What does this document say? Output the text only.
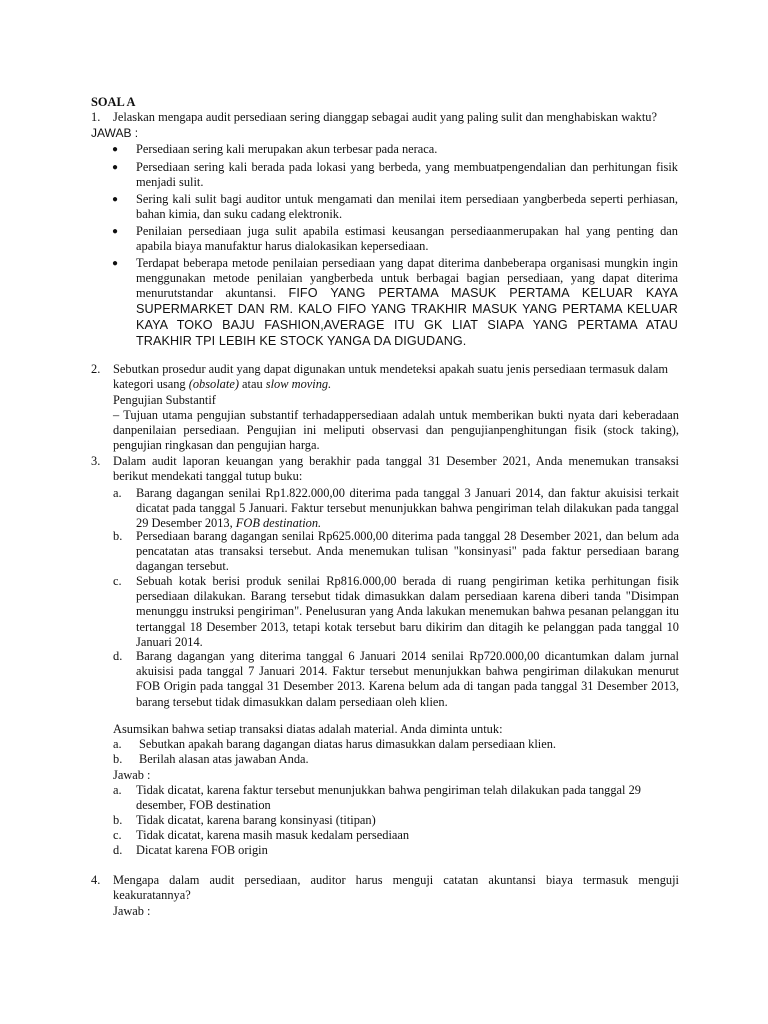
SOAL A
1. Jelaskan mengapa audit persediaan sering dianggap sebagai audit yang paling sulit dan menghabiskan waktu?
JAWAB :
●	Persediaan sering kali merupakan akun terbesar pada neraca.
●	Persediaan sering kali berada pada lokasi yang berbeda, yang membuatpengendalian dan perhitungan fisik menjadi sulit.
●	Sering kali sulit bagi auditor untuk mengamati dan menilai item persediaan yangberbeda seperti perhiasan, bahan kimia, dan suku cadang elektronik.
●	Penilaian persediaan juga sulit apabila estimasi keusangan persediaanmerupakan hal yang penting dan apabila biaya manufaktur harus dialokasikan kepersediaan.
●	Terdapat beberapa metode penilaian persediaan yang dapat diterima danbeberapa organisasi mungkin ingin menggunakan metode penilaian yangberbeda untuk berbagai bagian persediaan, yang dapat diterima menurutstandar akuntansi. FIFO YANG PERTAMA MASUK PERTAMA KELUAR KAYA SUPERMARKET DAN RM. KALO FIFO YANG TRAKHIR MASUK YANG PERTAMA KELUAR KAYA TOKO BAJU FASHION,AVERAGE ITU GK LIAT SIAPA YANG PERTAMA ATAU TRAKHIR TPI LEBIH KE STOCK YANGA DA DIGUDANG.
2. Sebutkan prosedur audit yang dapat digunakan untuk mendeteksi apakah suatu jenis persediaan termasuk dalam kategori usang (obsolate) atau slow moving.
Pengujian Substantif
– Tujuan utama pengujian substantif terhadappersediaan adalah untuk memberikan bukti nyata dari keberadaan danpenilaian persediaan. Pengujian ini meliputi observasi dan pengujianpenghitungan fisik (stock taking), pengujian ringkasan dan pengujian harga.
3. Dalam audit laporan keuangan yang berakhir pada tanggal 31 Desember 2021, Anda menemukan transaksi berikut mendekati tanggal tutup buku:
a. Barang dagangan senilai Rp1.822.000,00 diterima pada tanggal 3 Januari 2014, dan faktur akuisisi terkait dicatat pada tanggal 5 Januari. Faktur tersebut menunjukkan bahwa pengiriman telah dilakukan pada tanggal 29 Desember 2013, FOB destination.
b. Persediaan barang dagangan senilai Rp625.000,00 diterima pada tanggal 28 Desember 2021, dan belum ada pencatatan atas transaksi tersebut. Anda menemukan tulisan "konsinyasi" pada faktur persediaan barang dagangan tersebut.
c. Sebuah kotak berisi produk senilai Rp816.000,00 berada di ruang pengiriman ketika perhitungan fisik persediaan dilakukan. Barang tersebut tidak dimasukkan dalam persediaan karena diberi tanda "Disimpan menunggu instruksi pengiriman". Penelusuran yang Anda lakukan menemukan bahwa pesanan pelanggan itu tertanggal 18 Desember 2013, tetapi kotak tersebut baru dikirim dan ditagih ke pelanggan pada tanggal 10 Januari 2014.
d. Barang dagangan yang diterima tanggal 6 Januari 2014 senilai Rp720.000,00 dicantumkan dalam jurnal akuisisi pada tanggal 7 Januari 2014. Faktur tersebut menunjukkan bahwa pengiriman dilakukan menurut FOB Origin pada tanggal 31 Desember 2013. Karena belum ada di tangan pada tanggal 31 Desember 2013, barang tersebut tidak dimasukkan dalam persediaan oleh klien.
Asumsikan bahwa setiap transaksi diatas adalah material. Anda diminta untuk:
a. Sebutkan apakah barang dagangan diatas harus dimasukkan dalam persediaan klien.
b. Berilah alasan atas jawaban Anda.
Jawab :
a. Tidak dicatat, karena faktur tersebut menunjukkan bahwa pengiriman telah dilakukan pada tanggal 29 desember, FOB destination
b. Tidak dicatat, karena barang konsinyasi (titipan)
c. Tidak dicatat, karena masih masuk kedalam persediaan
d. Dicatat karena FOB origin
4. Mengapa dalam audit persediaan, auditor harus menguji catatan akuntansi biaya termasuk menguji keakuratannya?
Jawab :
